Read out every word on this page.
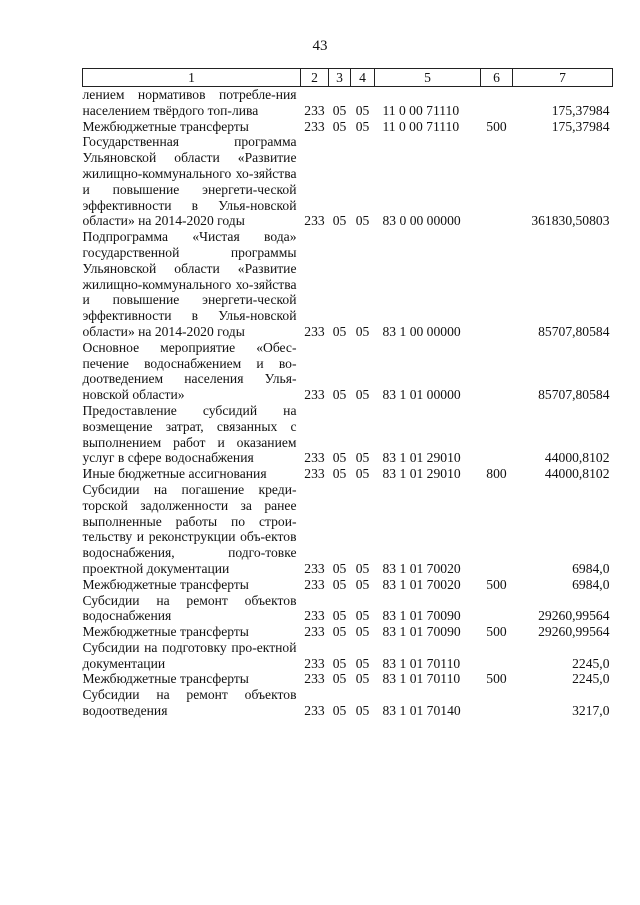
43
1	2	3	4	5	6	7
лением нормативов потребле-ния населением твёрдого топ-лива	233	05	05	11 0 00 71110		175,37984
Межбюджетные трансферты	233	05	05	11 0 00 71110	500	175,37984
Государственная программа Ульяновской области «Развитие жилищно-коммунального хо-зяйства и повышение энергети-ческой эффективности в Улья-новской области» на 2014-2020 годы	233	05	05	83 0 00 00000		361830,50803
Подпрограмма «Чистая вода» государственной программы Ульяновской области «Развитие жилищно-коммунального хо-зяйства и повышение энергети-ческой эффективности в Улья-новской области» на 2014-2020 годы	233	05	05	83 1 00 00000		85707,80584
Основное мероприятие «Обес-печение водоснабжением и во-доотведением населения Улья-новской области»	233	05	05	83 1 01 00000		85707,80584
Предоставление субсидий на возмещение затрат, связанных с выполнением работ и оказанием услуг в сфере водоснабжения	233	05	05	83 1 01 29010		44000,8102
Иные бюджетные ассигнования	233	05	05	83 1 01 29010	800	44000,8102
Субсидии на погашение креди-торской задолженности за ранее выполненные работы по строи-тельству и реконструкции объ-ектов водоснабжения, подго-товке проектной документации	233	05	05	83 1 01 70020		6984,0
Межбюджетные трансферты	233	05	05	83 1 01 70020	500	6984,0
Субсидии на ремонт объектов водоснабжения	233	05	05	83 1 01 70090		29260,99564
Межбюджетные трансферты	233	05	05	83 1 01 70090	500	29260,99564
Субсидии на подготовку про-ектной документации	233	05	05	83 1 01 70110		2245,0
Межбюджетные трансферты	233	05	05	83 1 01 70110	500	2245,0
Субсидии на ремонт объектов водоотведения	233	05	05	83 1 01 70140		3217,0
